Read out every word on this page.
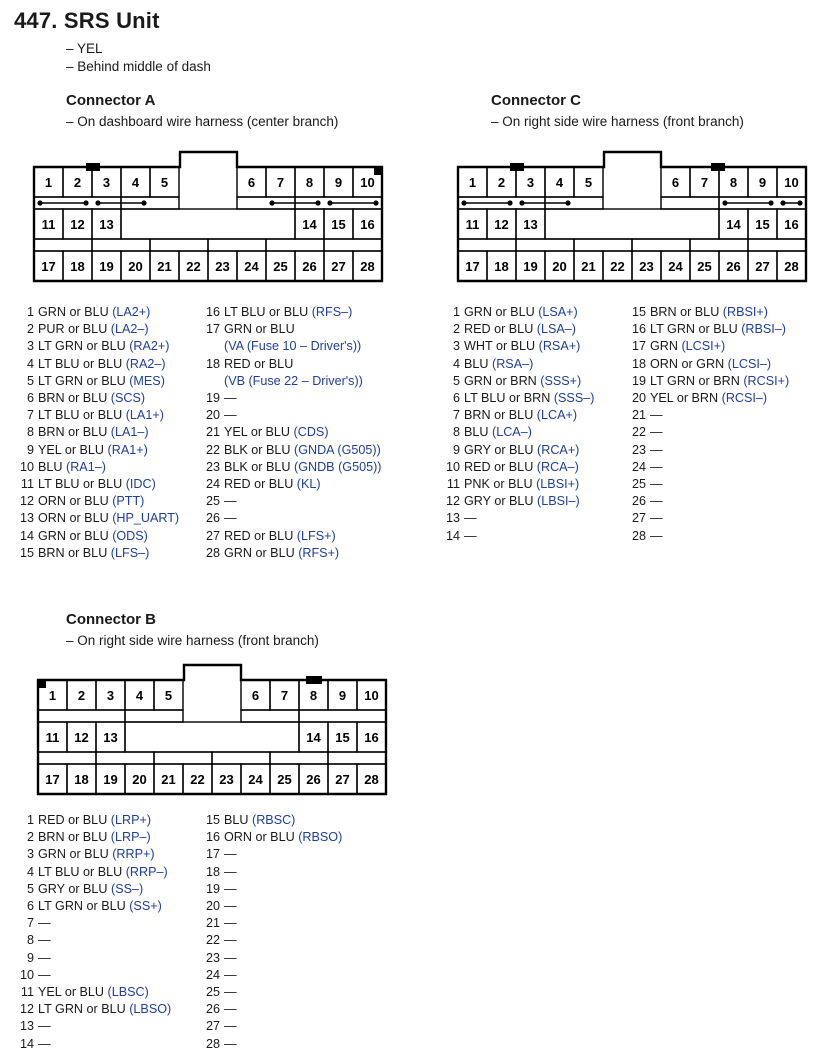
447. SRS Unit
– YEL
– Behind middle of dash
Connector A
– On dashboard wire harness (center branch)
1 2 3 4 5	6 7 8 9 10
11 12 13	14 15 16
17 18 19 20 21 22 23 24 25 26 27 28
1 GRN or BLU (LA2+)
2 PUR or BLU (LA2–)
3 LT GRN or BLU (RA2+)
4 LT BLU or BLU (RA2–)
5 LT GRN or BLU (MES)
6 BRN or BLU (SCS)
7 LT BLU or BLU (LA1+)
8 BRN or BLU (LA1–)
9 YEL or BLU (RA1+)
10 BLU (RA1–)
11 LT BLU or BLU (IDC)
12 ORN or BLU (PTT)
13 ORN or BLU (HP_UART)
14 GRN or BLU (ODS)
15 BRN or BLU (LFS–)
16 LT BLU or BLU (RFS–)
17 GRN or BLU
(VA (Fuse 10 – Driver's))
18 RED or BLU
(VB (Fuse 22 – Driver's))
19 —
20 —
21 YEL or BLU (CDS)
22 BLK or BLU (GNDA (G505))
23 BLK or BLU (GNDB (G505))
24 RED or BLU (KL)
25 —
26 —
27 RED or BLU (LFS+)
28 GRN or BLU (RFS+)
Connector C
– On right side wire harness (front branch)
1 2 3 4 5	6 7 8 9 10
11 12 13	14 15 16
17 18 19 20 21 22 23 24 25 26 27 28
1 GRN or BLU (LSA+)
2 RED or BLU (LSA–)
3 WHT or BLU (RSA+)
4 BLU (RSA–)
5 GRN or BRN (SSS+)
6 LT BLU or BRN (SSS–)
7 BRN or BLU (LCA+)
8 BLU (LCA–)
9 GRY or BLU (RCA+)
10 RED or BLU (RCA–)
11 PNK or BLU (LBSI+)
12 GRY or BLU (LBSI–)
13 —
14 —
15 BRN or BLU (RBSI+)
16 LT GRN or BLU (RBSI–)
17 GRN (LCSI+)
18 ORN or GRN (LCSI–)
19 LT GRN or BRN (RCSI+)
20 YEL or BRN (RCSI–)
21 —
22 —
23 —
24 —
25 —
26 —
27 —
28 —
Connector B
– On right side wire harness (front branch)
1 2 3 4 5	6 7 8 9 10
11 12 13	14 15 16
17 18 19 20 21 22 23 24 25 26 27 28
1 RED or BLU (LRP+)
2 BRN or BLU (LRP–)
3 GRN or BLU (RRP+)
4 LT BLU or BLU (RRP–)
5 GRY or BLU (SS–)
6 LT GRN or BLU (SS+)
7 —
8 —
9 —
10 —
11 YEL or BLU (LBSC)
12 LT GRN or BLU (LBSO)
13 —
14 —
15 BLU (RBSC)
16 ORN or BLU (RBSO)
17 —
18 —
19 —
20 —
21 —
22 —
23 —
24 —
25 —
26 —
27 —
28 —
